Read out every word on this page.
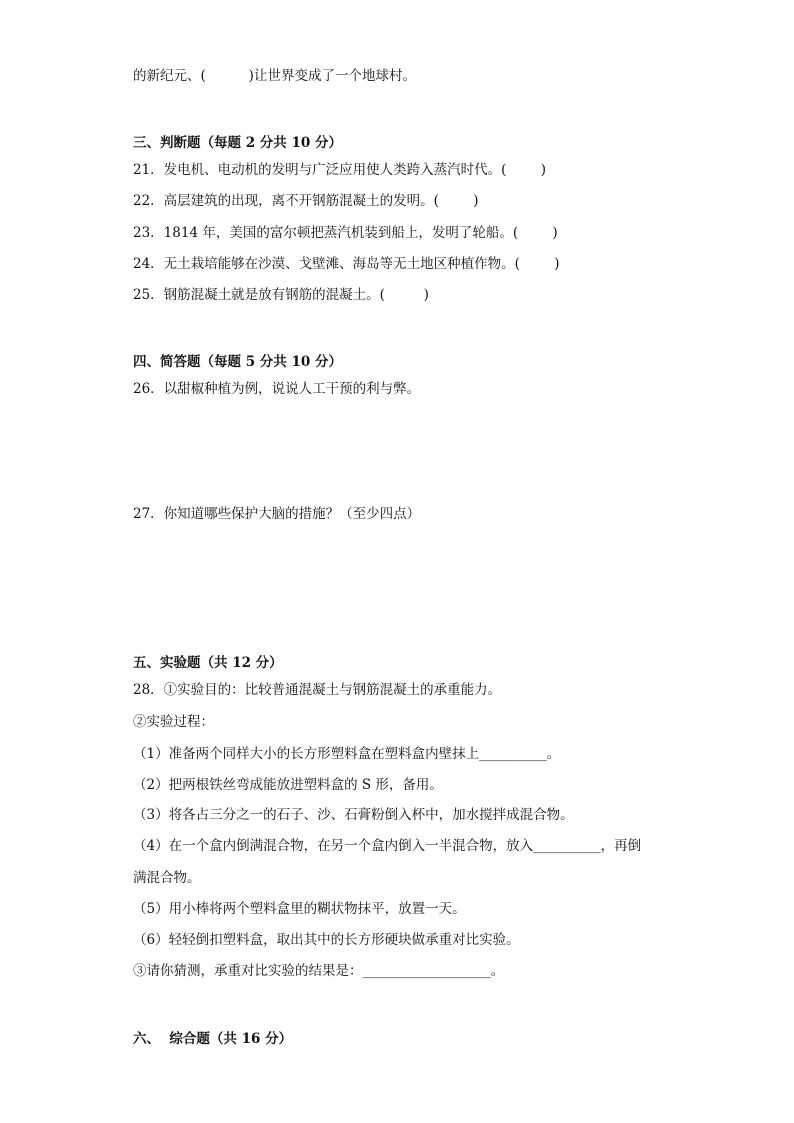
的新纪元、(          )让世界变成了一个地球村。
三、判断题（每题 2 分共 10 分）
21．发电机、电动机的发明与广泛应用使人类跨入蒸汽时代。(        )
22．高层建筑的出现，离不开钢筋混凝土的发明。(        )
23．1814 年，美国的富尔顿把蒸汽机装到船上，发明了轮船。(        )
24．无土栽培能够在沙漠、戈壁滩、海岛等无土地区种植作物。(        )
25．钢筋混凝土就是放有钢筋的混凝土。(         )
四、简答题（每题 5 分共 10 分）
26．以甜椒种植为例，说说人工干预的利与弊。
27．你知道哪些保护大脑的措施？（至少四点）
五、实验题（共 12 分）
28．①实验目的：比较普通混凝土与钢筋混凝土的承重能力。
②实验过程：
（1）准备两个同样大小的长方形塑料盒在塑料盒内壁抹上__________。
（2）把两根铁丝弯成能放进塑料盒的 S 形，备用。
（3）将各占三分之一的石子、沙、石膏粉倒入杯中，加水搅拌成混合物。
（4）在一个盒内倒满混合物，在另一个盒内倒入一半混合物，放入__________，再倒
满混合物。
（5）用小棒将两个塑料盒里的糊状物抹平，放置一天。
（6）轻轻倒扣塑料盒，取出其中的长方形硬块做承重对比实验。
③请你猜测，承重对比实验的结果是：___________________。
六、  综合题（共 16 分）
